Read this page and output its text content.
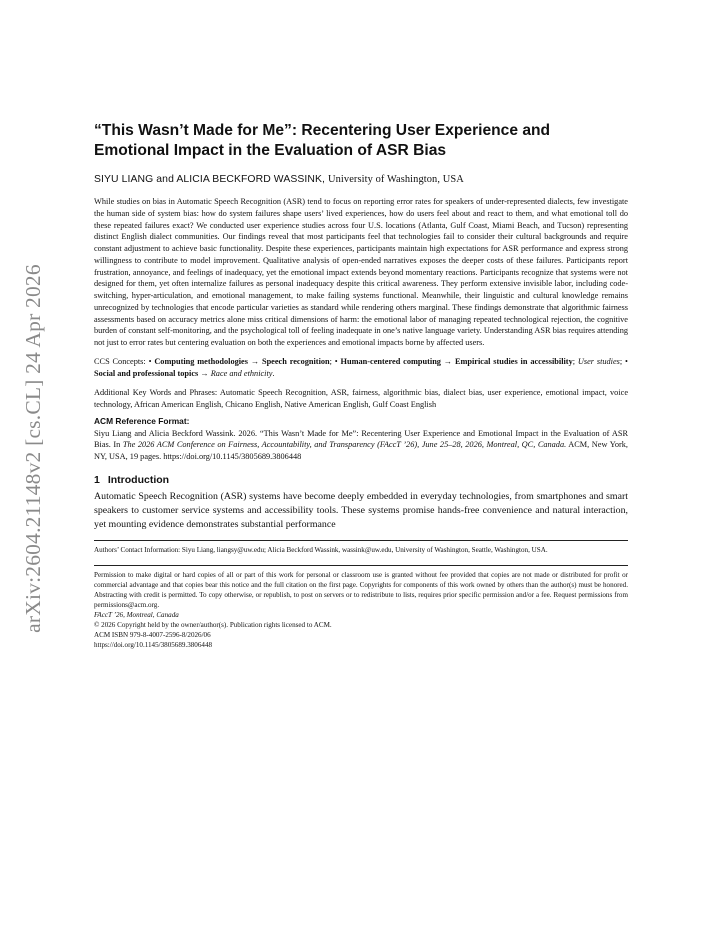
arXiv:2604.21148v2 [cs.CL] 24 Apr 2026
“This Wasn’t Made for Me”: Recentering User Experience and Emotional Impact in the Evaluation of ASR Bias
SIYU LIANG and ALICIA BECKFORD WASSINK, University of Washington, USA

While studies on bias in Automatic Speech Recognition (ASR) tend to focus on reporting error rates for speakers of under-represented dialects, few investigate the human side of system bias: how do system failures shape users’ lived experiences, how do users feel about and react to them, and what emotional toll do these repeated failures exact? We conducted user experience studies across four U.S. locations (Atlanta, Gulf Coast, Miami Beach, and Tucson) representing distinct English dialect communities. Our findings reveal that most participants feel that technologies fail to consider their cultural backgrounds and require constant adjustment to achieve basic functionality. Despite these experiences, participants maintain high expectations for ASR performance and express strong willingness to contribute to model improvement. Qualitative analysis of open-ended narratives exposes the deeper costs of these failures. Participants report frustration, annoyance, and feelings of inadequacy, yet the emotional impact extends beyond momentary reactions. Participants recognize that systems were not designed for them, yet often internalize failures as personal inadequacy despite this critical awareness. They perform extensive invisible labor, including code-switching, hyper-articulation, and emotional management, to make failing systems functional. Meanwhile, their linguistic and cultural knowledge remains unrecognized by technologies that encode particular varieties as standard while rendering others marginal. These findings demonstrate that algorithmic fairness assessments based on accuracy metrics alone miss critical dimensions of harm: the emotional labor of managing repeated technological rejection, the cognitive burden of constant self-monitoring, and the psychological toll of feeling inadequate in one’s native language variety. Understanding ASR bias requires attending not just to error rates but centering evaluation on both the experiences and emotional impacts borne by affected users.

CCS Concepts: • Computing methodologies → Speech recognition; • Human-centered computing → Empirical studies in accessibility; User studies; • Social and professional topics → Race and ethnicity.

Additional Key Words and Phrases: Automatic Speech Recognition, ASR, fairness, algorithmic bias, dialect bias, user experience, emotional impact, voice technology, African American English, Chicano English, Native American English, Gulf Coast English

ACM Reference Format:

Siyu Liang and Alicia Beckford Wassink. 2026. “This Wasn’t Made for Me”: Recentering User Experience and Emotional Impact in the Evaluation of ASR Bias. In The 2026 ACM Conference on Fairness, Accountability, and Transparency (FAccT ’26), June 25–28, 2026, Montreal, QC, Canada. ACM, New York, NY, USA, 19 pages. https://doi.org/10.1145/3805689.3806448

1 Introduction

Automatic Speech Recognition (ASR) systems have become deeply embedded in everyday technologies, from smartphones and smart speakers to customer service systems and accessibility tools. These systems promise hands-free convenience and natural interaction, yet mounting evidence demonstrates substantial performance

Authors’ Contact Information: Siyu Liang, liangsy@uw.edu; Alicia Beckford Wassink, wassink@uw.edu, University of Washington, Seattle, Washington, USA.

Permission to make digital or hard copies of all or part of this work for personal or classroom use is granted without fee provided that copies are not made or distributed for profit or commercial advantage and that copies bear this notice and the full citation on the first page. Copyrights for components of this work owned by others than the author(s) must be honored. Abstracting with credit is permitted. To copy otherwise, or republish, to post on servers or to redistribute to lists, requires prior specific permission and/or a fee. Request permissions from permissions@acm.org.

FAccT ’26, Montreal, Canada

© 2026 Copyright held by the owner/author(s). Publication rights licensed to ACM.

ACM ISBN 979-8-4007-2596-8/2026/06

https://doi.org/10.1145/3805689.3806448
